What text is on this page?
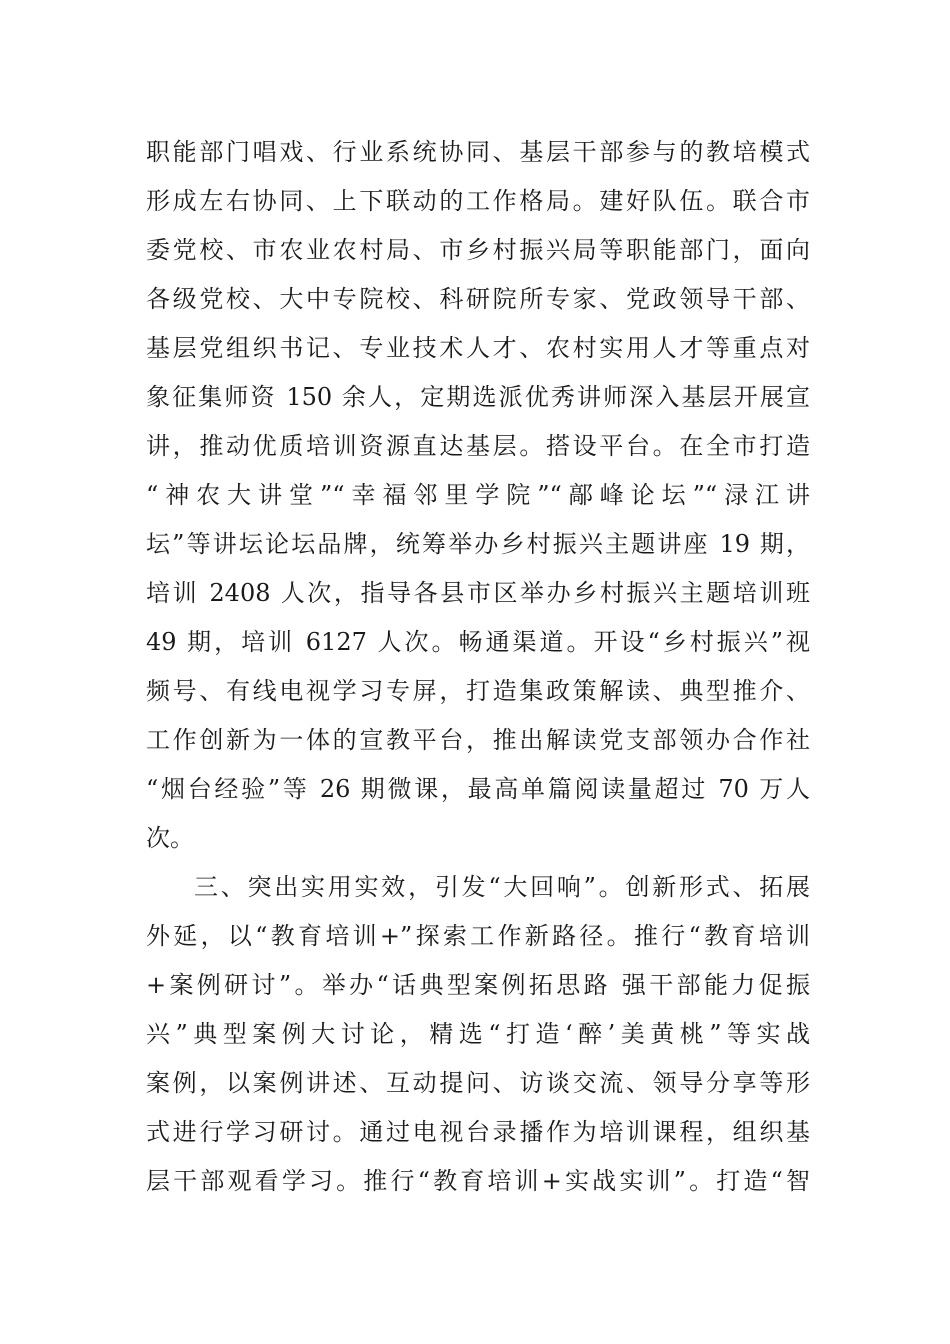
职能部门唱戏、行业系统协同、基层干部参与的教培模式
形成左右协同、上下联动的工作格局。建好队伍。联合市
委党校、市农业农村局、市乡村振兴局等职能部门，面向
各级党校、大中专院校、科研院所专家、党政领导干部、
基层党组织书记、专业技术人才、农村实用人才等重点对
象征集师资 150 余人，定期选派优秀讲师深入基层开展宣
讲，推动优质培训资源直达基层。搭设平台。在全市打造
“神农大讲堂”“幸福邻里学院”“鄗峰论坛”“渌江讲
坛”等讲坛论坛品牌，统筹举办乡村振兴主题讲座 19 期，
培训 2408 人次，指导各县市区举办乡村振兴主题培训班
49 期，培训 6127 人次。畅通渠道。开设“乡村振兴”视
频号、有线电视学习专屏，打造集政策解读、典型推介、
工作创新为一体的宣教平台，推出解读党支部领办合作社
“烟台经验”等 26 期微课，最高单篇阅读量超过 70 万人
次。
三、突出实用实效，引发“大回响”。创新形式、拓展
外延，以“教育培训+”探索工作新路径。推行“教育培训
+案例研讨”。举办“话典型案例拓思路 强干部能力促振
兴”典型案例大讨论，精选“打造‘醉’美黄桃”等实战
案例，以案例讲述、互动提问、访谈交流、领导分享等形
式进行学习研讨。通过电视台录播作为培训课程，组织基
层干部观看学习。推行“教育培训+实战实训”。打造“智
